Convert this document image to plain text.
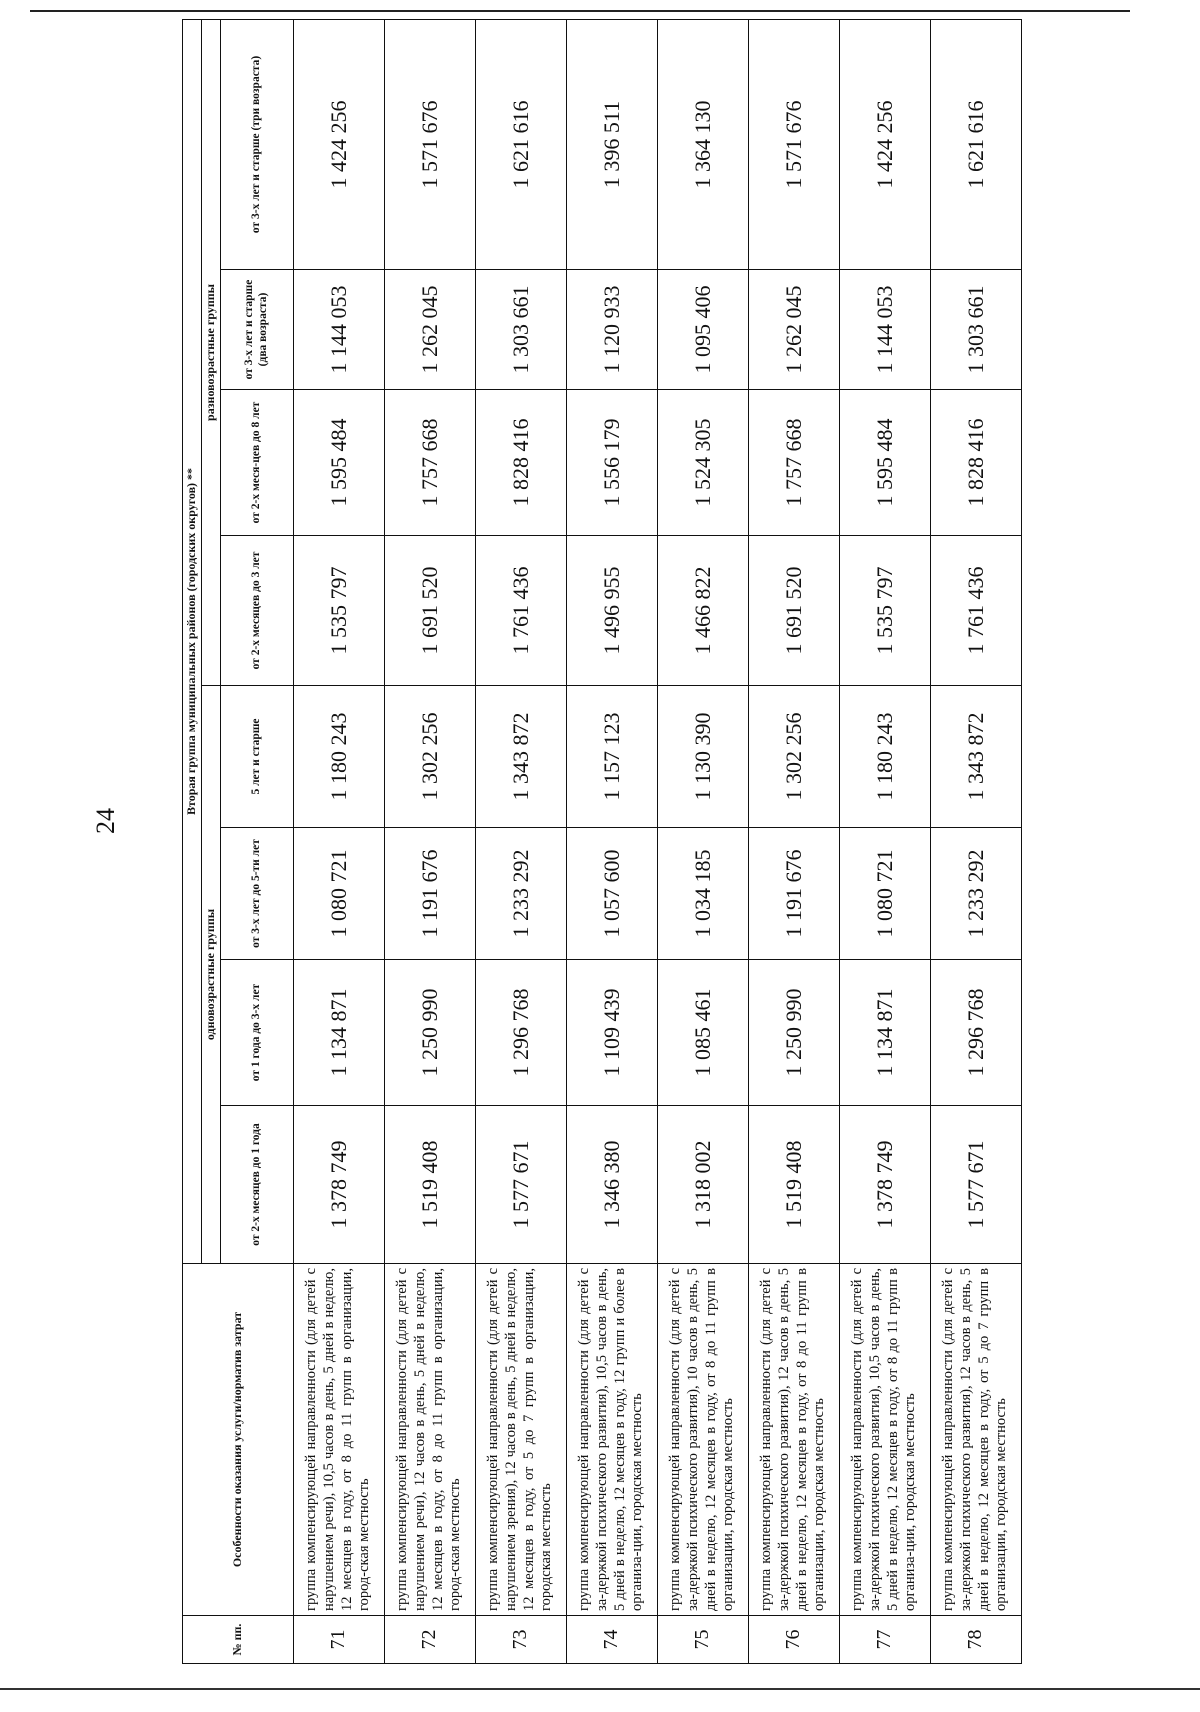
24
№ пп.	Особенности оказания услуги/норматив затрат	Вторая группа муниципальных районов (городских округов) **							
		одновозрастные группы				разновозрастные группы			
		от 2-х месяцев до 1 года	от 1 года до 3-х лет	от 3-х лет до 5-ти лет	5 лет и старше	от 2-х месяцев до 3 лет	от 2-х меся-цев до 8 лет	от 3-х лет и старше (два возраста)	от 3-х лет и старше (три возраста)
71	группа компенсирующей направленности (для детей с нарушением речи), 10,5 часов в день, 5 дней в неделю, 12 месяцев в году, от 8 до 11 групп в организации, город-ская местность	1 378 749	1 134 871	1 080 721	1 180 243	1 535 797	1 595 484	1 144 053	1 424 256
72	группа компенсирующей направленности (для детей с нарушением речи), 12 часов в день, 5 дней в неделю, 12 месяцев в году, от 8 до 11 групп в организации, город-ская местность	1 519 408	1 250 990	1 191 676	1 302 256	1 691 520	1 757 668	1 262 045	1 571 676
73	группа компенсирующей направленности (для детей с нарушением зрения), 12 часов в день, 5 дней в неделю, 12 месяцев в году, от 5 до 7 групп в организации, городская местность	1 577 671	1 296 768	1 233 292	1 343 872	1 761 436	1 828 416	1 303 661	1 621 616
74	группа компенсирующей направленности (для детей с за-держкой психического развития), 10,5 часов в день, 5 дней в неделю, 12 месяцев в году, 12 групп и более в организа-ции, городская местность	1 346 380	1 109 439	1 057 600	1 157 123	1 496 955	1 556 179	1 120 933	1 396 511
75	группа компенсирующей направленности (для детей с за-держкой психического развития), 10 часов в день, 5 дней в неделю, 12 месяцев в году, от 8 до 11 групп в организации, городская местность	1 318 002	1 085 461	1 034 185	1 130 390	1 466 822	1 524 305	1 095 406	1 364 130
76	группа компенсирующей направленности (для детей с за-держкой психического развития), 12 часов в день, 5 дней в неделю, 12 месяцев в году, от 8 до 11 групп в организации, городская местность	1 519 408	1 250 990	1 191 676	1 302 256	1 691 520	1 757 668	1 262 045	1 571 676
77	группа компенсирующей направленности (для детей с за-держкой психического развития), 10,5 часов в день, 5 дней в неделю, 12 месяцев в году, от 8 до 11 групп в организа-ции, городская местность	1 378 749	1 134 871	1 080 721	1 180 243	1 535 797	1 595 484	1 144 053	1 424 256
78	группа компенсирующей направленности (для детей с за-держкой психического развития), 12 часов в день, 5 дней в неделю, 12 месяцев в году, от 5 до 7 групп в организации, городская местность	1 577 671	1 296 768	1 233 292	1 343 872	1 761 436	1 828 416	1 303 661	1 621 616
